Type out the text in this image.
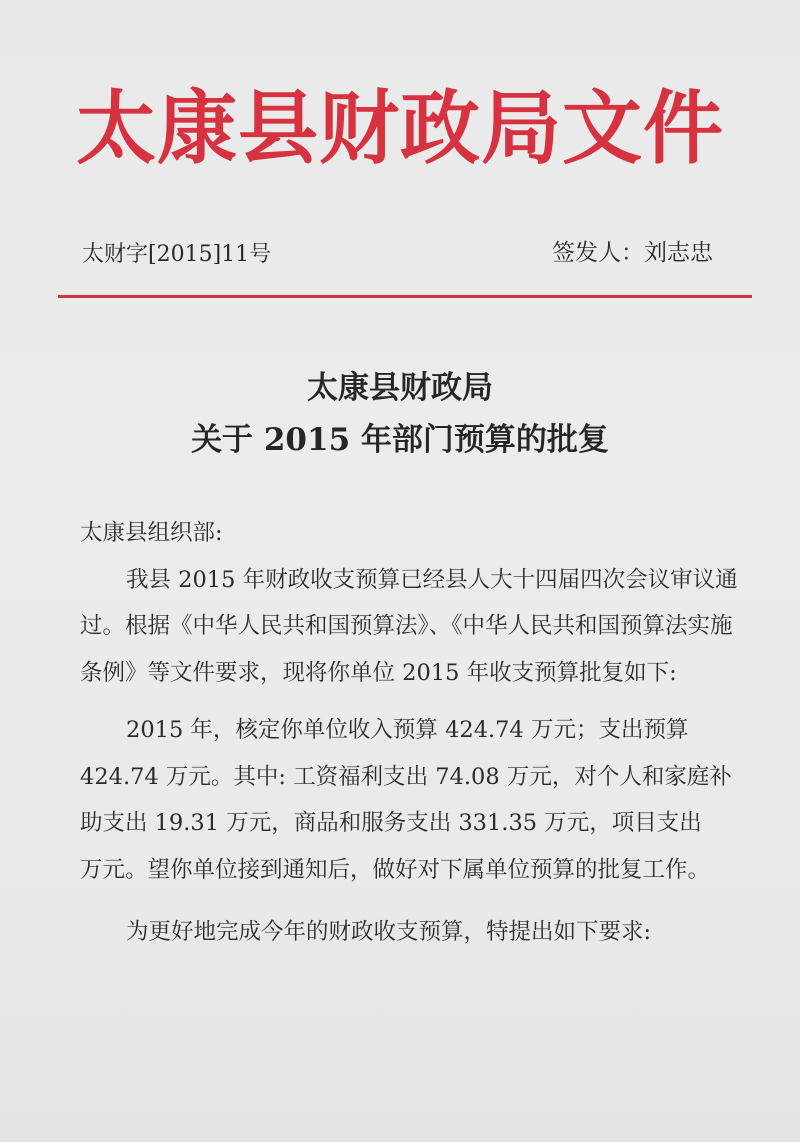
太康县财政局文件
太财字[2015]11号	签发人：刘志忠
太康县财政局
关于 2015 年部门预算的批复

太康县组织部:

我县 2015 年财政收支预算已经县人大十四届四次会议审议通过。根据《中华人民共和国预算法》、《中华人民共和国预算法实施条例》等文件要求，现将你单位 2015 年收支预算批复如下:

2015 年，核定你单位收入预算 424.74 万元；支出预算 424.74 万元。其中: 工资福利支出 74.08 万元，对个人和家庭补助支出 19.31 万元，商品和服务支出 331.35 万元，项目支出　　万元。望你单位接到通知后，做好对下属单位预算的批复工作。

为更好地完成今年的财政收支预算，特提出如下要求:
